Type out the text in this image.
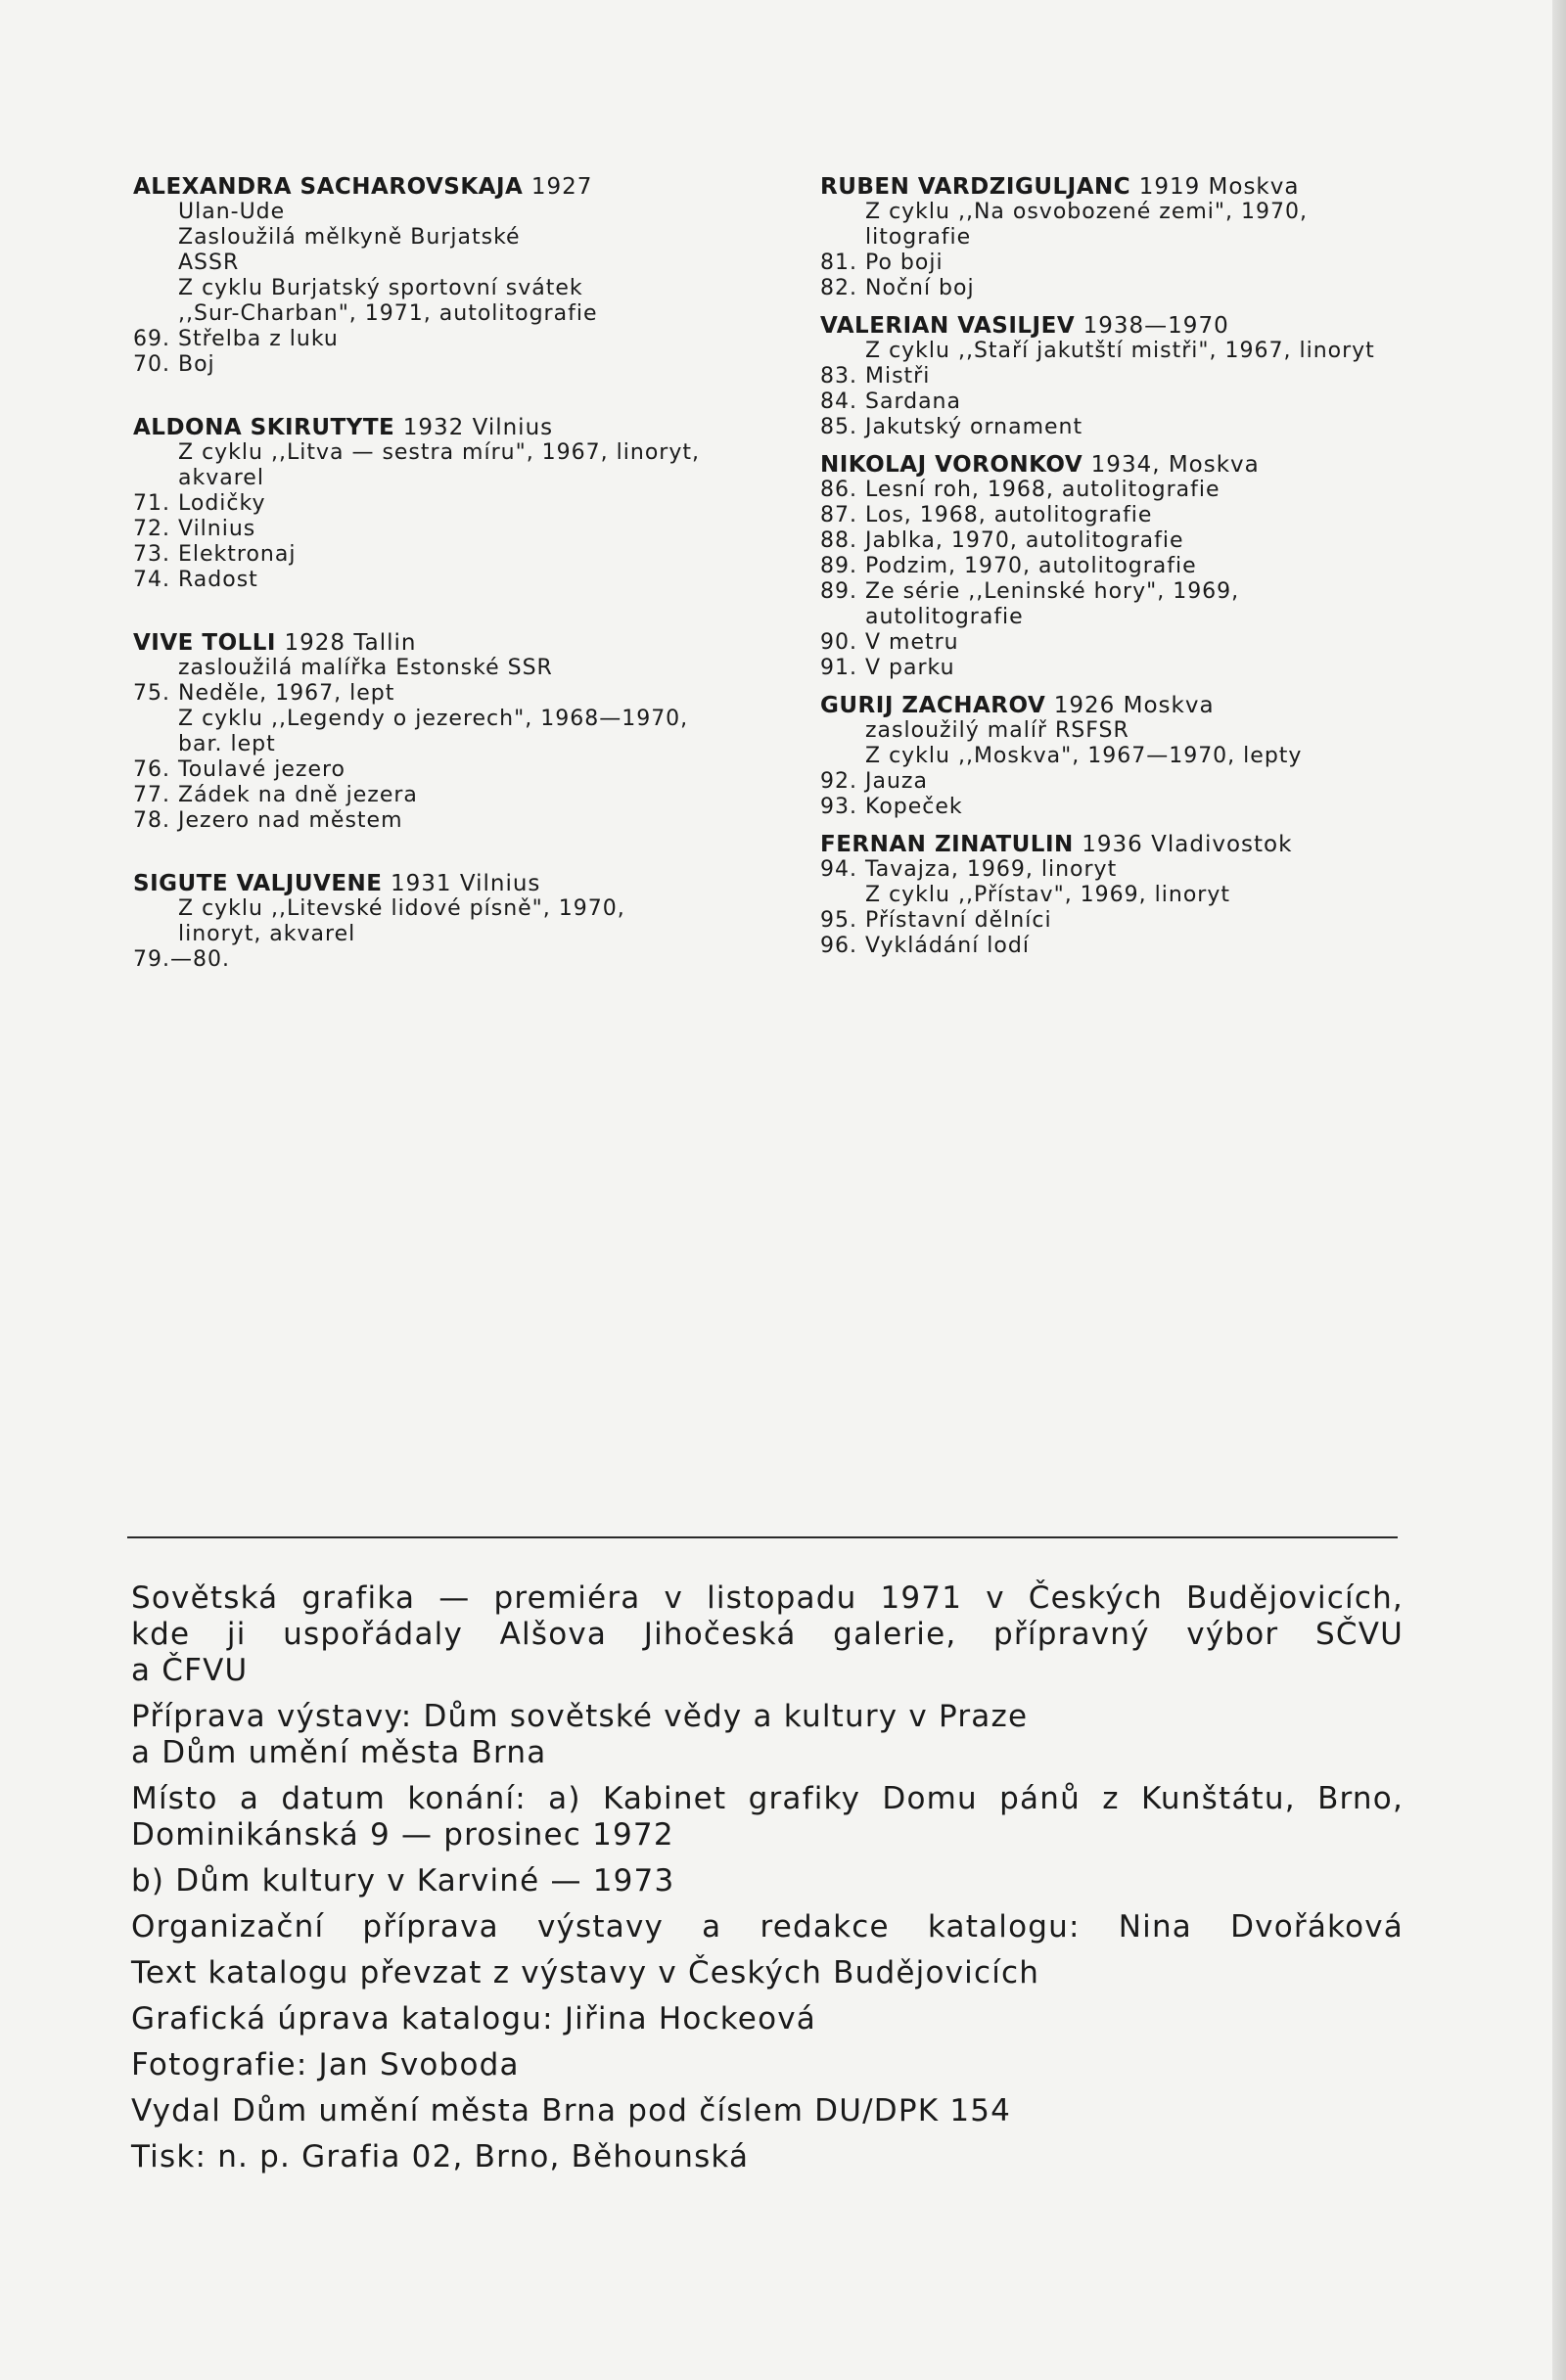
ALEXANDRA SACHAROVSKAJA 1927
Ulan-Ude
Zasloužilá mělkyně Burjatské
ASSR
Z cyklu Burjatský sportovní svátek
,,Sur-Charban", 1971, autolitografie
69. Střelba z luku
70. Boj
ALDONA SKIRUTYTE 1932 Vilnius
Z cyklu ,,Litva — sestra míru", 1967, linoryt,
akvarel
71. Lodičky
72. Vilnius
73. Elektronaj
74. Radost
VIVE TOLLI 1928 Tallin
zasloužilá malířka Estonské SSR
75. Neděle, 1967, lept
Z cyklu ,,Legendy o jezerech", 1968—1970,
bar. lept
76. Toulavé jezero
77. Zádek na dně jezera
78. Jezero nad městem
SIGUTE VALJUVENE 1931 Vilnius
Z cyklu ,,Litevské lidové písně", 1970,
linoryt, akvarel
79.—80.
RUBEN VARDZIGULJANC 1919 Moskva
Z cyklu ,,Na osvobozené zemi", 1970,
litografie
81. Po boji
82. Noční boj
VALERIAN VASILJEV 1938—1970
Z cyklu ,,Staří jakutští mistři", 1967, linoryt
83. Mistři
84. Sardana
85. Jakutský ornament
NIKOLAJ VORONKOV 1934, Moskva
86. Lesní roh, 1968, autolitografie
87. Los, 1968, autolitografie
88. Jablka, 1970, autolitografie
89. Podzim, 1970, autolitografie
89. Ze série ,,Leninské hory", 1969,
autolitografie
90. V metru
91. V parku
GURIJ ZACHAROV 1926 Moskva
zasloužilý malíř RSFSR
Z cyklu ,,Moskva", 1967—1970, lepty
92. Jauza
93. Kopeček
FERNAN ZINATULIN 1936 Vladivostok
94. Tavajza, 1969, linoryt
Z cyklu ,,Přístav", 1969, linoryt
95. Přístavní dělníci
96. Vykládání lodí
Sovětská grafika — premiéra v listopadu 1971 v Českých Budějovicích,
kde ji uspořádaly Alšova Jihočeská galerie, přípravný výbor SČVU
a ČFVU
Příprava výstavy: Dům sovětské vědy a kultury v Praze
a Dům umění města Brna
Místo a datum konání: a) Kabinet grafiky Domu pánů z Kunštátu, Brno,
Dominikánská 9 — prosinec 1972
b) Dům kultury v Karviné — 1973
Organizační příprava výstavy a redakce katalogu: Nina Dvořáková
Text katalogu převzat z výstavy v Českých Budějovicích
Grafická úprava katalogu: Jiřina Hockeová
Fotografie: Jan Svoboda
Vydal Dům umění města Brna pod číslem DU/DPK 154
Tisk: n. p. Grafia 02, Brno, Běhounská
